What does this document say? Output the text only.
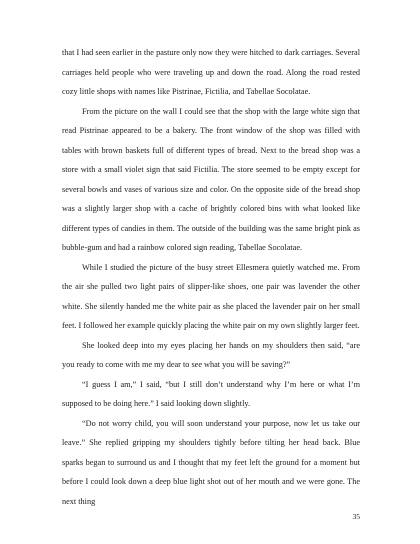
that I had seen earlier in the pasture only now they were hitched to dark carriages. Several carriages held people who were traveling up and down the road. Along the road rested cozy little shops with names like Pistrinae, Fictilia, and Tabellae Socolatae.

From the picture on the wall I could see that the shop with the large white sign that read Pistrinae appeared to be a bakery. The front window of the shop was filled with tables with brown baskets full of different types of bread. Next to the bread shop was a store with a small violet sign that said Fictilia. The store seemed to be empty except for several bowls and vases of various size and color. On the opposite side of the bread shop was a slightly larger shop with a cache of brightly colored bins with what looked like different types of candies in them. The outside of the building was the same bright pink as bubble-gum and had a rainbow colored sign reading, Tabellae Socolatae.

While I studied the picture of the busy street Ellesmera quietly watched me. From the air she pulled two light pairs of slipper-like shoes, one pair was lavender the other white. She silently handed me the white pair as she placed the lavender pair on her small feet. I followed her example quickly placing the white pair on my own slightly larger feet.

She looked deep into my eyes placing her hands on my shoulders then said, “are you ready to come with me my dear to see what you will be saving?”

“I guess I am,” I said, “but I still don’t understand why I’m here or what I’m supposed to be doing here.” I said looking down slightly.

“Do not worry child, you will soon understand your purpose, now let us take our leave.” She replied gripping my shoulders tightly before tilting her head back. Blue sparks began to surround us and I thought that my feet left the ground for a moment but before I could look down a deep blue light shot out of her mouth and we were gone. The next thing

35
